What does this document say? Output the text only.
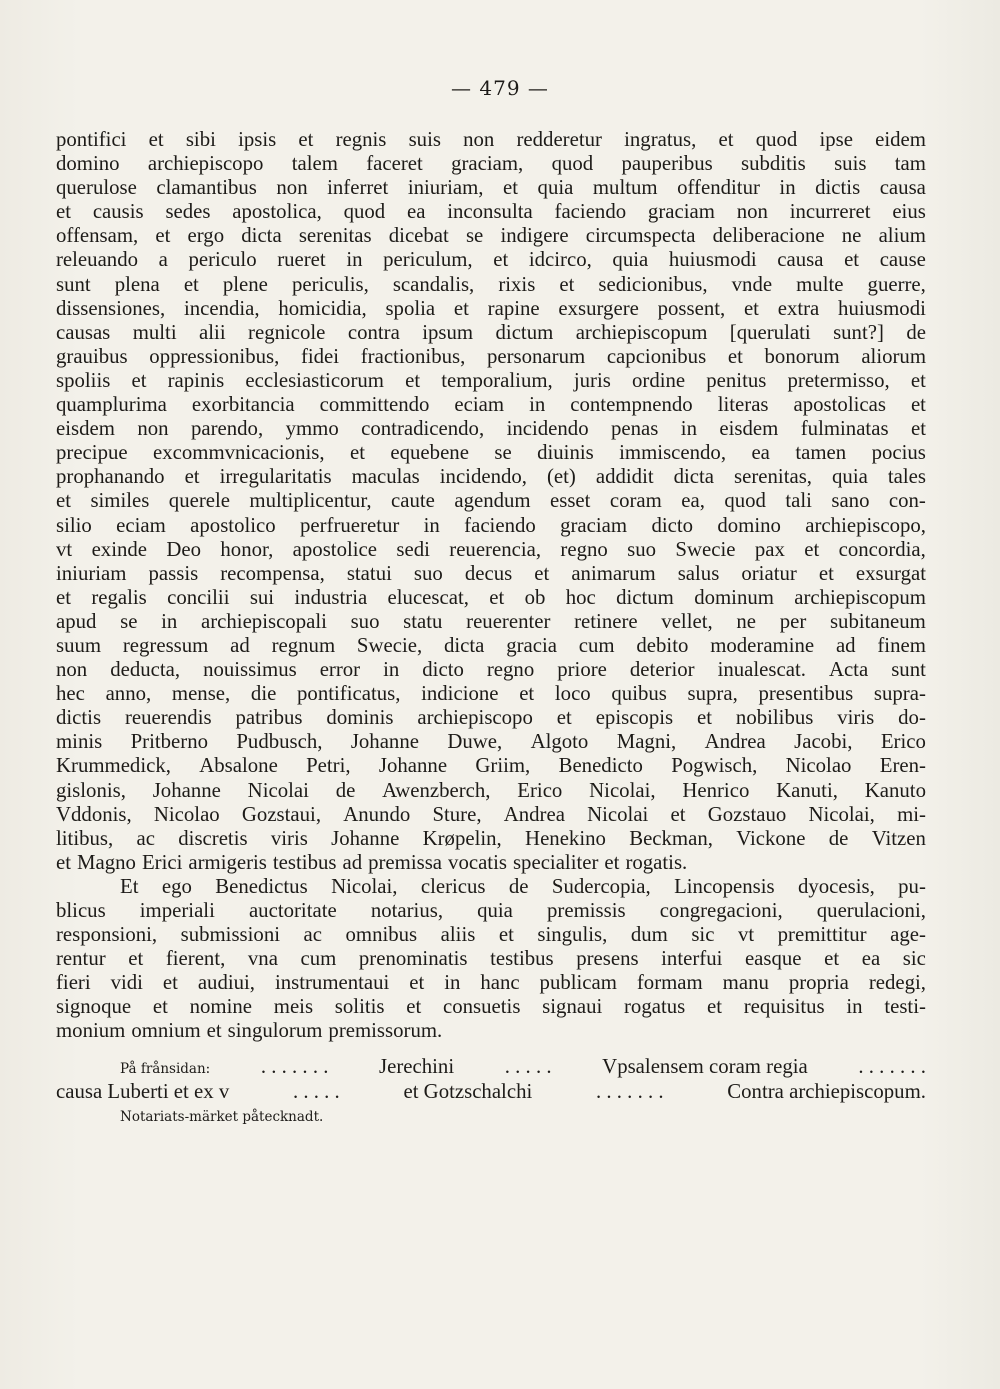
— 479 —
pontifici et sibi ipsis et regnis suis non redderetur ingratus, et quod ipse eidem
domino archiepiscopo talem faceret graciam, quod pauperibus subditis suis tam
querulose clamantibus non inferret iniuriam, et quia multum offenditur in dictis causa
et causis sedes apostolica, quod ea inconsulta faciendo graciam non incurreret eius
offensam, et ergo dicta serenitas dicebat se indigere circumspecta deliberacione ne alium
releuando a periculo rueret in periculum, et idcirco, quia huiusmodi causa et cause
sunt plena et plene periculis, scandalis, rixis et sedicionibus, vnde multe guerre,
dissensiones, incendia, homicidia, spolia et rapine exsurgere possent, et extra huiusmodi
causas multi alii regnicole contra ipsum dictum archiepiscopum [querulati sunt?] de
grauibus oppressionibus, fidei fractionibus, personarum capcionibus et bonorum aliorum
spoliis et rapinis ecclesiasticorum et temporalium, juris ordine penitus pretermisso, et
quamplurima exorbitancia committendo eciam in contempnendo literas apostolicas et
eisdem non parendo, ymmo contradicendo, incidendo penas in eisdem fulminatas et
precipue excommvnicacionis, et equebene se diuinis immiscendo, ea tamen pocius
prophanando et irregularitatis maculas incidendo, (et) addidit dicta serenitas, quia tales
et similes querele multiplicentur, caute agendum esset coram ea, quod tali sano con-
silio eciam apostolico perfrueretur in faciendo graciam dicto domino archiepiscopo,
vt exinde Deo honor, apostolice sedi reuerencia, regno suo Swecie pax et concordia,
iniuriam passis recompensa, statui suo decus et animarum salus oriatur et exsurgat
et regalis concilii sui industria elucescat, et ob hoc dictum dominum archiepiscopum
apud se in archiepiscopali suo statu reuerenter retinere vellet, ne per subitaneum
suum regressum ad regnum Swecie, dicta gracia cum debito moderamine ad finem
non deducta, nouissimus error in dicto regno priore deterior inualescat. Acta sunt
hec anno, mense, die pontificatus, indicione et loco quibus supra, presentibus supra-
dictis reuerendis patribus dominis archiepiscopo et episcopis et nobilibus viris do-
minis Pritberno Pudbusch, Johanne Duwe, Algoto Magni, Andrea Jacobi, Erico
Krummedick, Absalone Petri, Johanne Griim, Benedicto Pogwisch, Nicolao Eren-
gislonis, Johanne Nicolai de Awenzberch, Erico Nicolai, Henrico Kanuti, Kanuto
Vddonis, Nicolao Gozstaui, Anundo Sture, Andrea Nicolai et Gozstauo Nicolai, mi-
litibus, ac discretis viris Johanne Krøpelin, Henekino Beckman, Vickone de Vitzen
et Magno Erici armigeris testibus ad premissa vocatis specialiter et rogatis.
Et ego Benedictus Nicolai, clericus de Sudercopia, Lincopensis dyocesis, pu-
blicus imperiali auctoritate notarius, quia premissis congregacioni, querulacioni,
responsioni, submissioni ac omnibus aliis et singulis, dum sic vt premittitur age-
rentur et fierent, vna cum prenominatis testibus presens interfui easque et ea sic
fieri vidi et audiui, instrumentaui et in hanc publicam formam manu propria redegi,
signoque et nomine meis solitis et consuetis signaui rogatus et requisitus in testi-
monium omnium et singulorum premissorum.
På frånsidan: . . . . . . . Jerechini . . . . . Vpsalensem coram regia . . . . . . .
causa Luberti et ex v	. . . . .	et Gotzschalchi	. . . . . . .	Contra archiepiscopum.
Notariats-märket påtecknadt.
